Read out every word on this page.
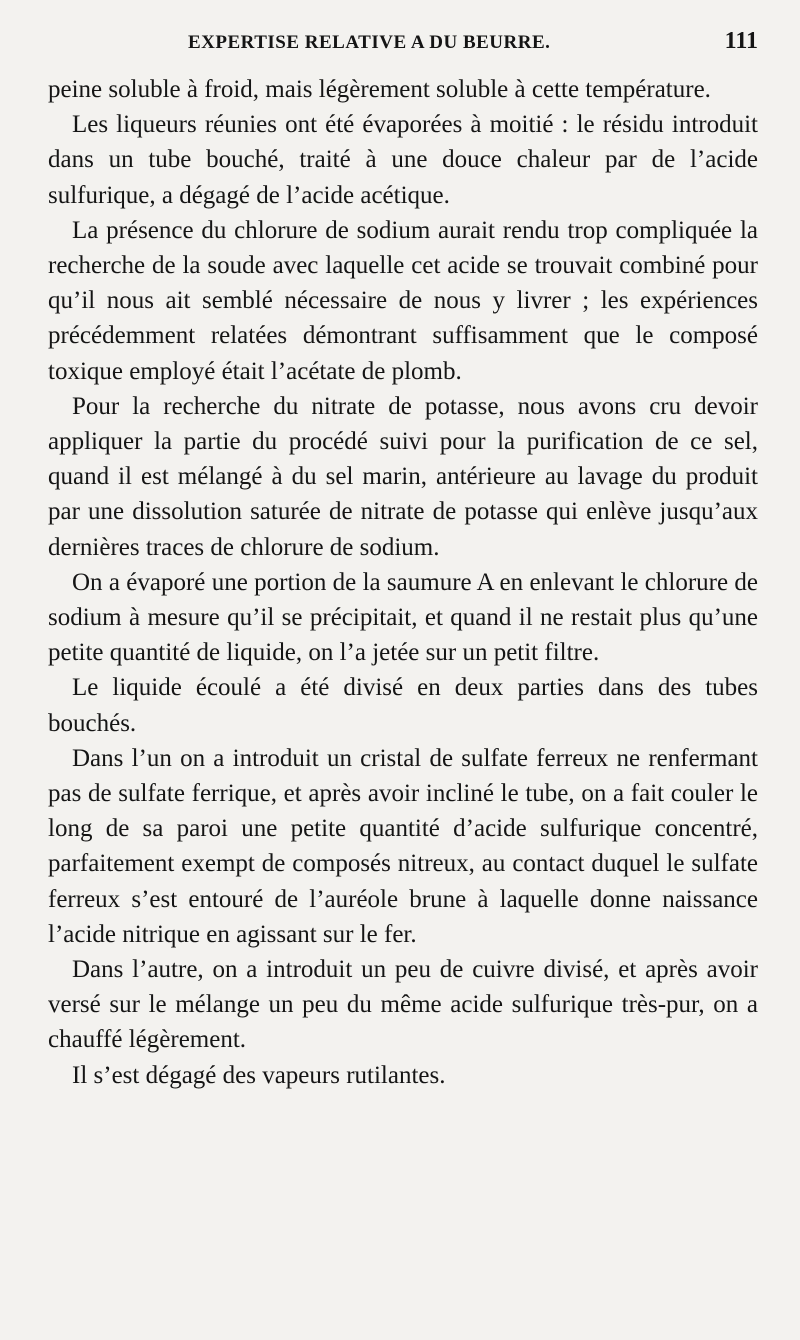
EXPERTISE RELATIVE A DU BEURRE.	111

peine soluble à froid, mais légèrement soluble à cette température.

Les liqueurs réunies ont été évaporées à moitié : le résidu introduit dans un tube bouché, traité à une douce chaleur par de l’acide sulfurique, a dégagé de l’acide acétique.

La présence du chlorure de sodium aurait rendu trop compliquée la recherche de la soude avec laquelle cet acide se trouvait combiné pour qu’il nous ait semblé nécessaire de nous y livrer ; les expériences précédemment relatées démontrant suffisamment que le composé toxique employé était l’acétate de plomb.

Pour la recherche du nitrate de potasse, nous avons cru devoir appliquer la partie du procédé suivi pour la purification de ce sel, quand il est mélangé à du sel marin, antérieure au lavage du produit par une dissolution saturée de nitrate de potasse qui enlève jusqu’aux dernières traces de chlorure de sodium.

On a évaporé une portion de la saumure A en enlevant le chlorure de sodium à mesure qu’il se précipitait, et quand il ne restait plus qu’une petite quantité de liquide, on l’a jetée sur un petit filtre.

Le liquide écoulé a été divisé en deux parties dans des tubes bouchés.

Dans l’un on a introduit un cristal de sulfate ferreux ne renfermant pas de sulfate ferrique, et après avoir incliné le tube, on a fait couler le long de sa paroi une petite quantité d’acide sulfurique concentré, parfaitement exempt de composés nitreux, au contact duquel le sulfate ferreux s’est entouré de l’auréole brune à laquelle donne naissance l’acide nitrique en agissant sur le fer.

Dans l’autre, on a introduit un peu de cuivre divisé, et après avoir versé sur le mélange un peu du même acide sulfurique très-pur, on a chauffé légèrement.

Il s’est dégagé des vapeurs rutilantes.
